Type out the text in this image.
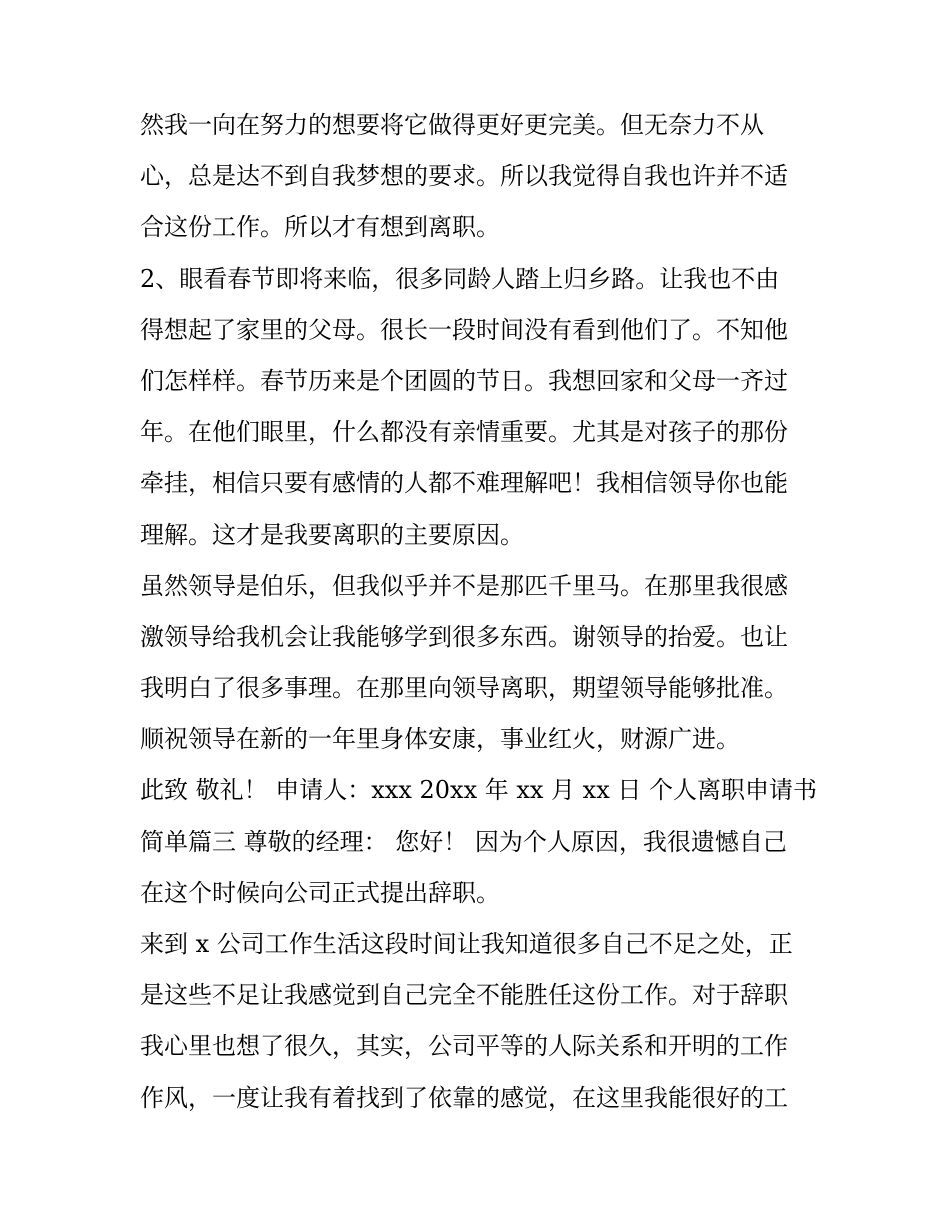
然我一向在努力的想要将它做得更好更完美。但无奈力不从
心，总是达不到自我梦想的要求。所以我觉得自我也许并不适
合这份工作。所以才有想到离职。
2、眼看春节即将来临，很多同龄人踏上归乡路。让我也不由
得想起了家里的父母。很长一段时间没有看到他们了。不知他
们怎样样。春节历来是个团圆的节日。我想回家和父母一齐过
年。在他们眼里，什么都没有亲情重要。尤其是对孩子的那份
牵挂，相信只要有感情的人都不难理解吧！我相信领导你也能
理解。这才是我要离职的主要原因。
虽然领导是伯乐，但我似乎并不是那匹千里马。在那里我很感
激领导给我机会让我能够学到很多东西。谢领导的抬爱。也让
我明白了很多事理。在那里向领导离职，期望领导能够批准。
顺祝领导在新的一年里身体安康，事业红火，财源广进。
此致 敬礼！ 申请人：xxx 20xx 年 xx 月 xx 日 个人离职申请书
简单篇三 尊敬的经理： 您好！ 因为个人原因，我很遗憾自己
在这个时候向公司正式提出辞职。
来到 x 公司工作生活这段时间让我知道很多自己不足之处，正
是这些不足让我感觉到自己完全不能胜任这份工作。对于辞职
我心里也想了很久，其实，公司平等的人际关系和开明的工作
作风，一度让我有着找到了依靠的感觉，在这里我能很好的工
